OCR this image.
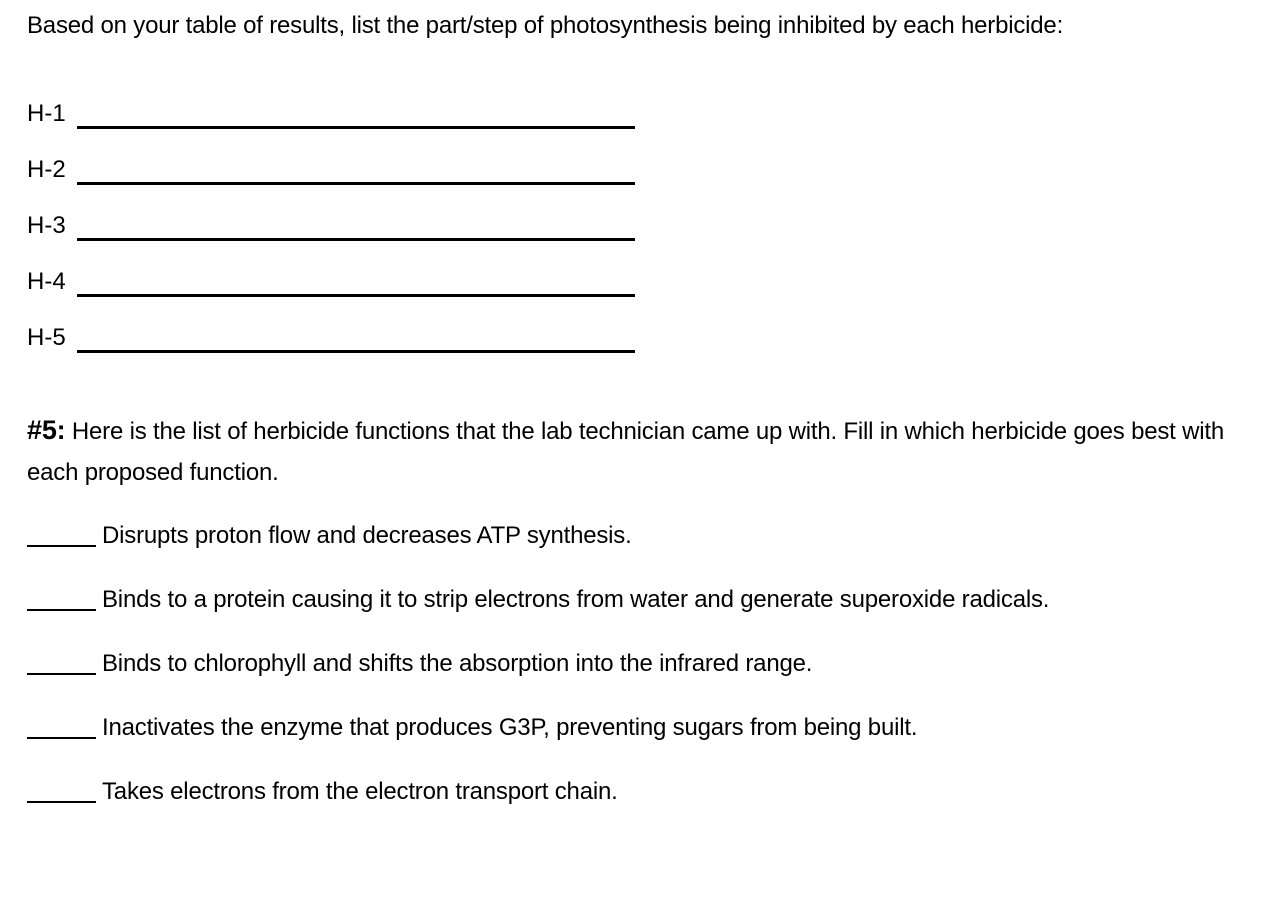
Based on your table of results, list the part/step of photosynthesis being inhibited by each herbicide:
H-1
H-2
H-3
H-4
H-5
#5: Here is the list of herbicide functions that the lab technician came up with. Fill in which herbicide goes best with each proposed function.
Disrupts proton flow and decreases ATP synthesis.
Binds to a protein causing it to strip electrons from water and generate superoxide radicals.
Binds to chlorophyll and shifts the absorption into the infrared range.
Inactivates the enzyme that produces G3P, preventing sugars from being built.
Takes electrons from the electron transport chain.
